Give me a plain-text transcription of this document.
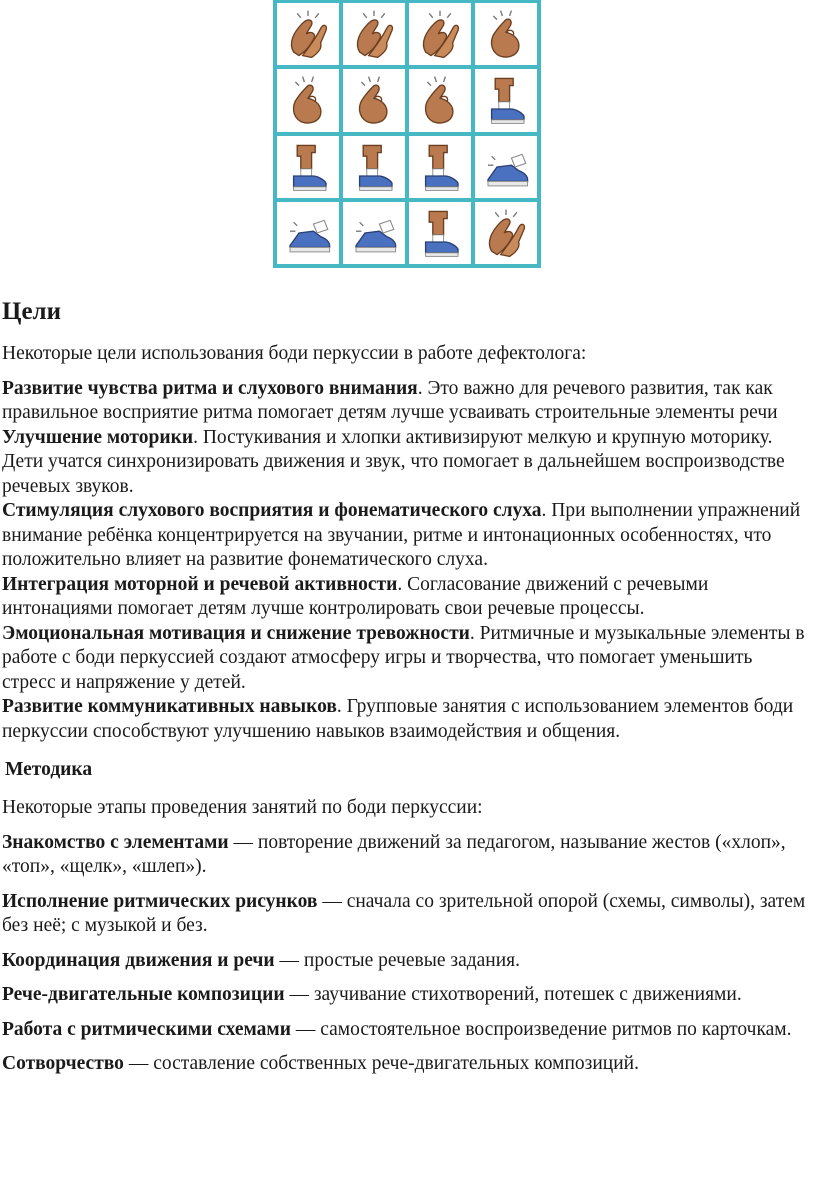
Цели

Некоторые цели использования боди перкуссии в работе дефектолога:

Развитие чувства ритма и слухового внимания. Это важно для речевого развития, так как правильное восприятие ритма помогает детям лучше усваивать строительные элементы речи

Улучшение моторики. Постукивания и хлопки активизируют мелкую и крупную моторику. Дети учатся синхронизировать движения и звук, что помогает в дальнейшем воспроизводстве речевых звуков.

Стимуляция слухового восприятия и фонематического слуха. При выполнении упражнений внимание ребёнка концентрируется на звучании, ритме и интонационных особенностях, что положительно влияет на развитие фонематического слуха.

Интеграция моторной и речевой активности. Согласование движений с речевыми интонациями помогает детям лучше контролировать свои речевые процессы.

Эмоциональная мотивация и снижение тревожности. Ритмичные и музыкальные элементы в работе с боди перкуссией создают атмосферу игры и творчества, что помогает уменьшить стресс и напряжение у детей.

Развитие коммуникативных навыков. Групповые занятия с использованием элементов боди перкуссии способствуют улучшению навыков взаимодействия и общения.

Методика

Некоторые этапы проведения занятий по боди перкуссии:

Знакомство с элементами — повторение движений за педагогом, называние жестов («хлоп», «топ», «щелк», «шлеп»).

Исполнение ритмических рисунков — сначала со зрительной опорой (схемы, символы), затем без неё; с музыкой и без.

Координация движения и речи — простые речевые задания.

Рече-двигательные композиции — заучивание стихотворений, потешек с движениями.

Работа с ритмическими схемами — самостоятельное воспроизведение ритмов по карточкам.

Сотворчество — составление собственных рече-двигательных композиций.
